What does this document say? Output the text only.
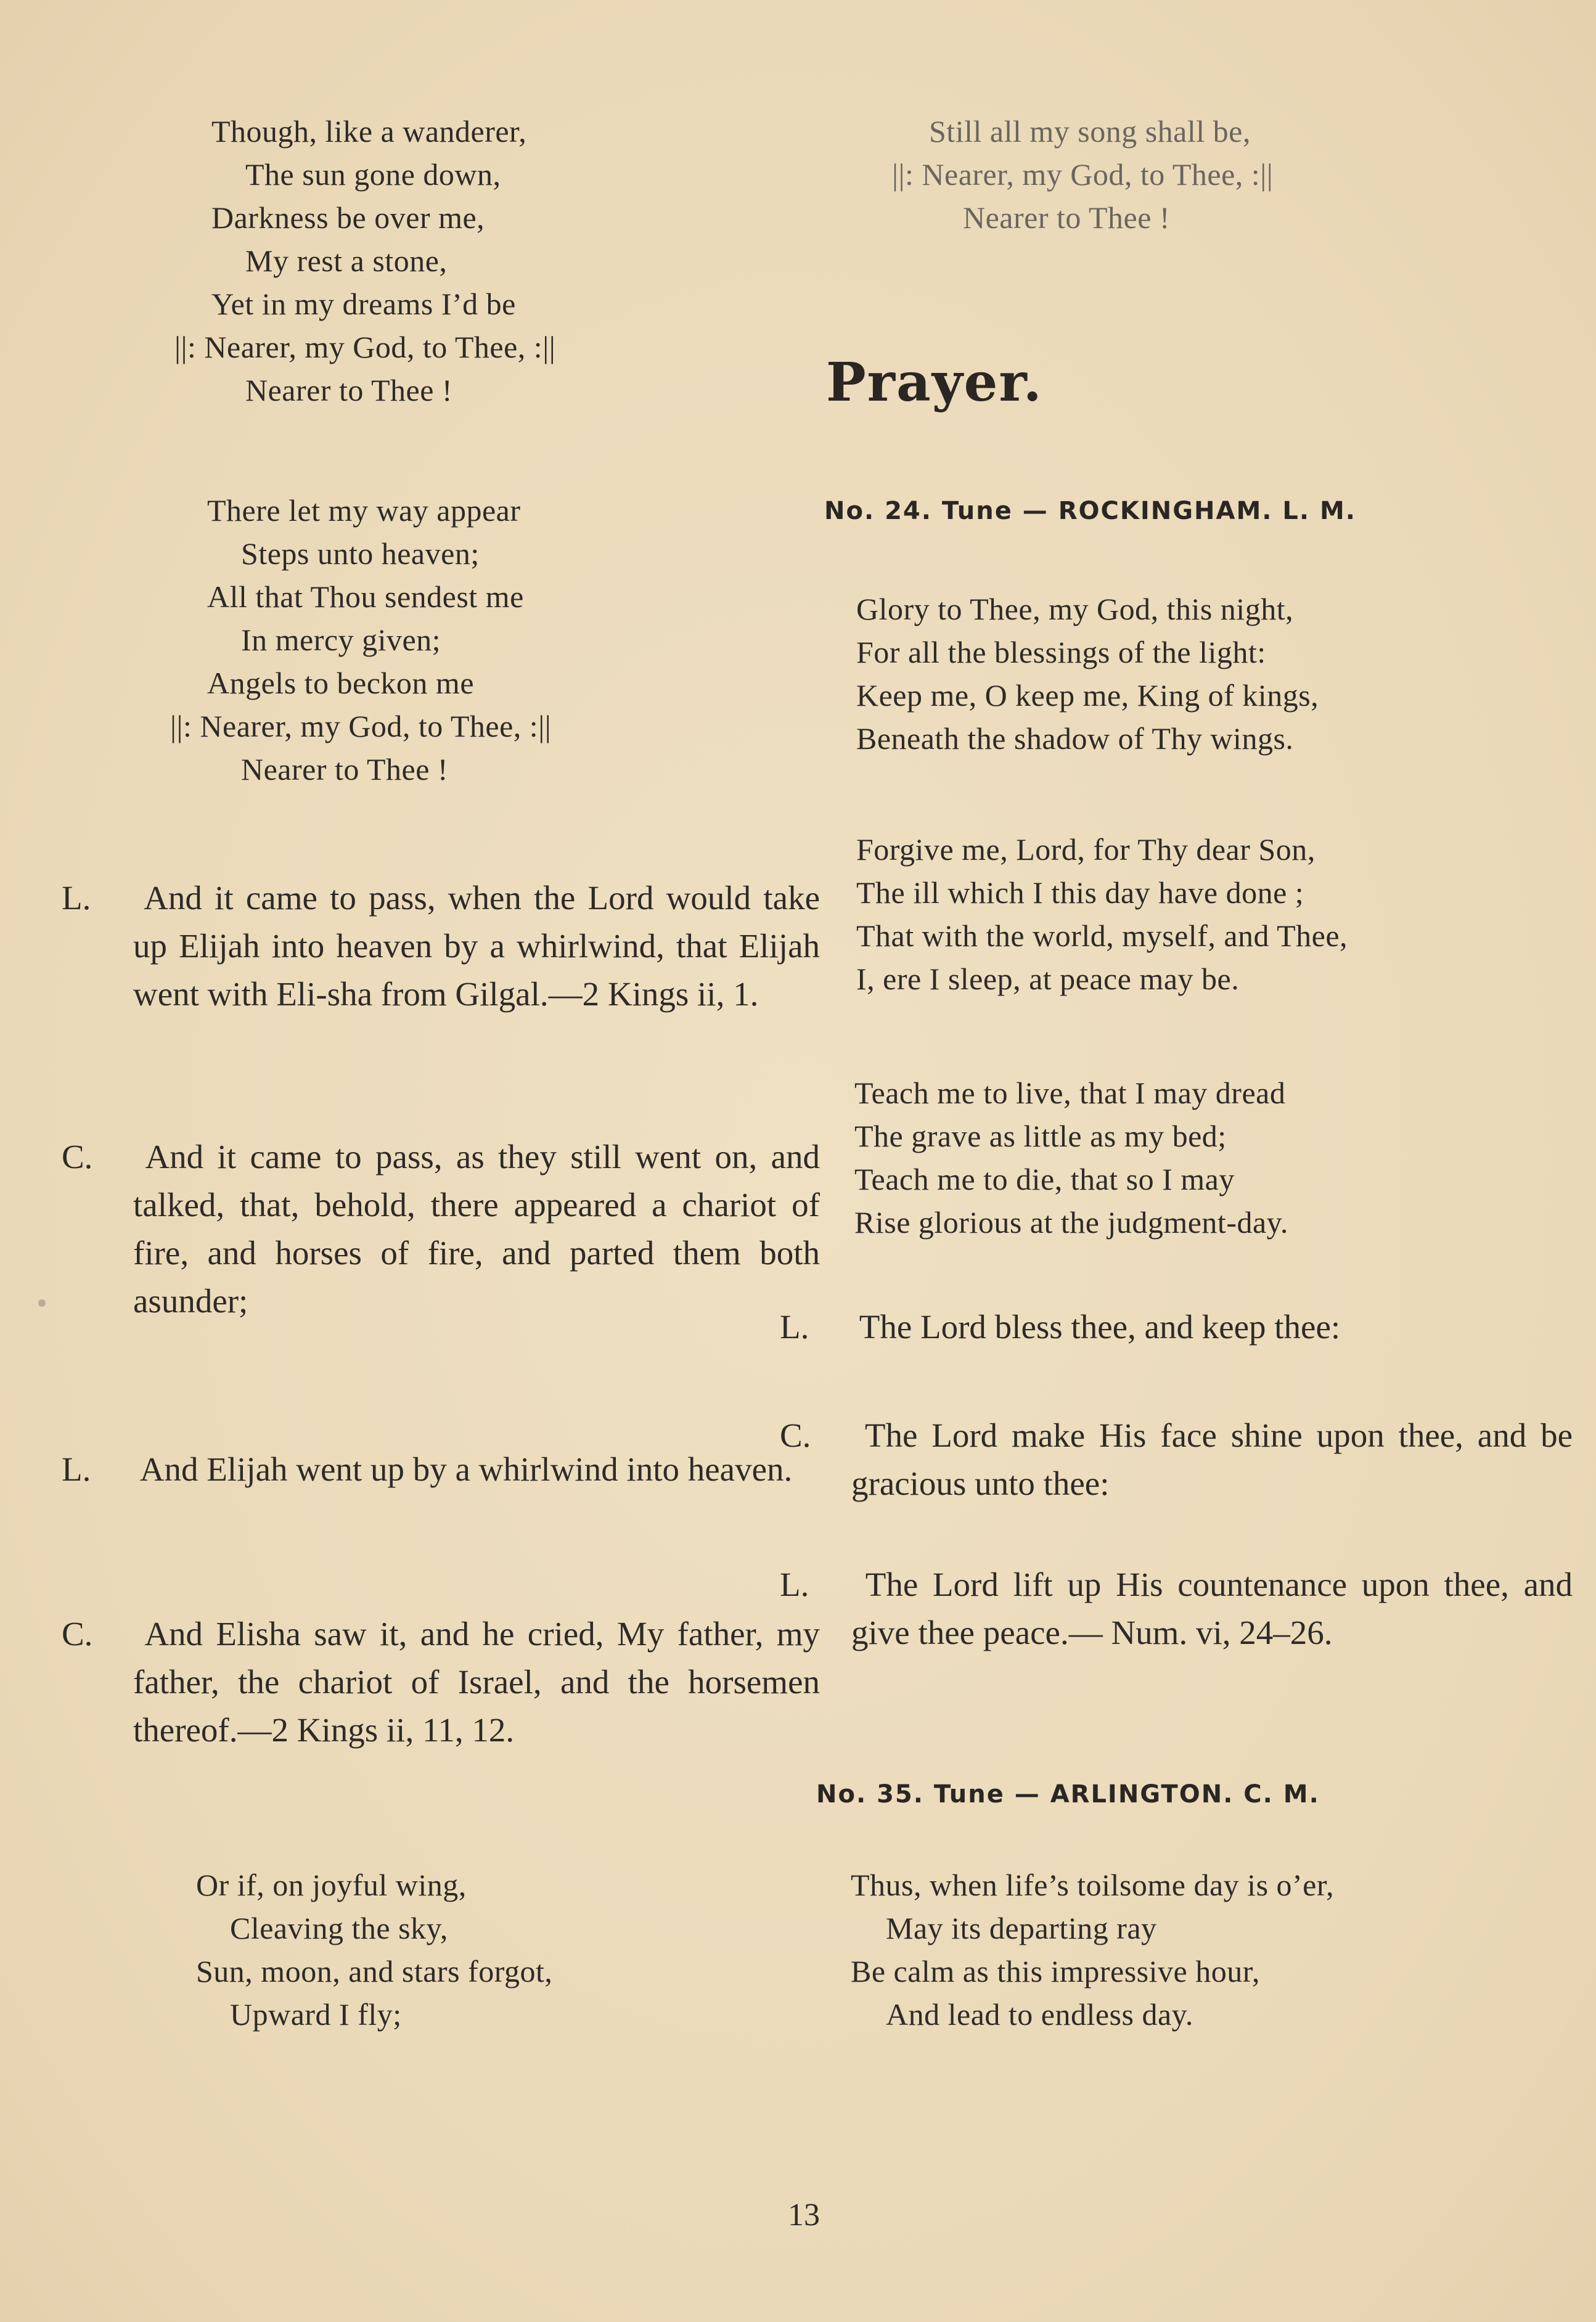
Though, like a wanderer,
The sun gone down,
Darkness be over me,
My rest a stone,
Yet in my dreams I’d be
||: Nearer, my God, to Thee, :||
Nearer to Thee !
There let my way appear
Steps unto heaven;
All that Thou sendest me
In mercy given;
Angels to beckon me
||: Nearer, my God, to Thee, :||
Nearer to Thee !
L. And it came to pass, when the Lord would take up Elijah into heaven by a whirlwind, that Elijah went with Eli-sha from Gilgal.—2 Kings ii, 1.
C. And it came to pass, as they still went on, and talked, that, behold, there appeared a chariot of fire, and horses of fire, and parted them both asunder;
L. And Elijah went up by a whirlwind into heaven.
C. And Elisha saw it, and he cried, My father, my father, the chariot of Israel, and the horsemen thereof.—2 Kings ii, 11, 12.
Or if, on joyful wing,
Cleaving the sky,
Sun, moon, and stars forgot,
Upward I fly;
Still all my song shall be,
||: Nearer, my God, to Thee, :||
Nearer to Thee !
Prayer.
No. 24. Tune — ROCKINGHAM. L. M.
Glory to Thee, my God, this night,
For all the blessings of the light:
Keep me, O keep me, King of kings,
Beneath the shadow of Thy wings.
Forgive me, Lord, for Thy dear Son,
The ill which I this day have done ;
That with the world, myself, and Thee,
I, ere I sleep, at peace may be.
Teach me to live, that I may dread
The grave as little as my bed;
Teach me to die, that so I may
Rise glorious at the judgment-day.
L. The Lord bless thee, and keep thee:
C. The Lord make His face shine upon thee, and be gracious unto thee:
L. The Lord lift up His countenance upon thee, and give thee peace.— Num. vi, 24–26.
No. 35. Tune — ARLINGTON. C. M.
Thus, when life’s toilsome day is o’er,
May its departing ray
Be calm as this impressive hour,
And lead to endless day.
13
